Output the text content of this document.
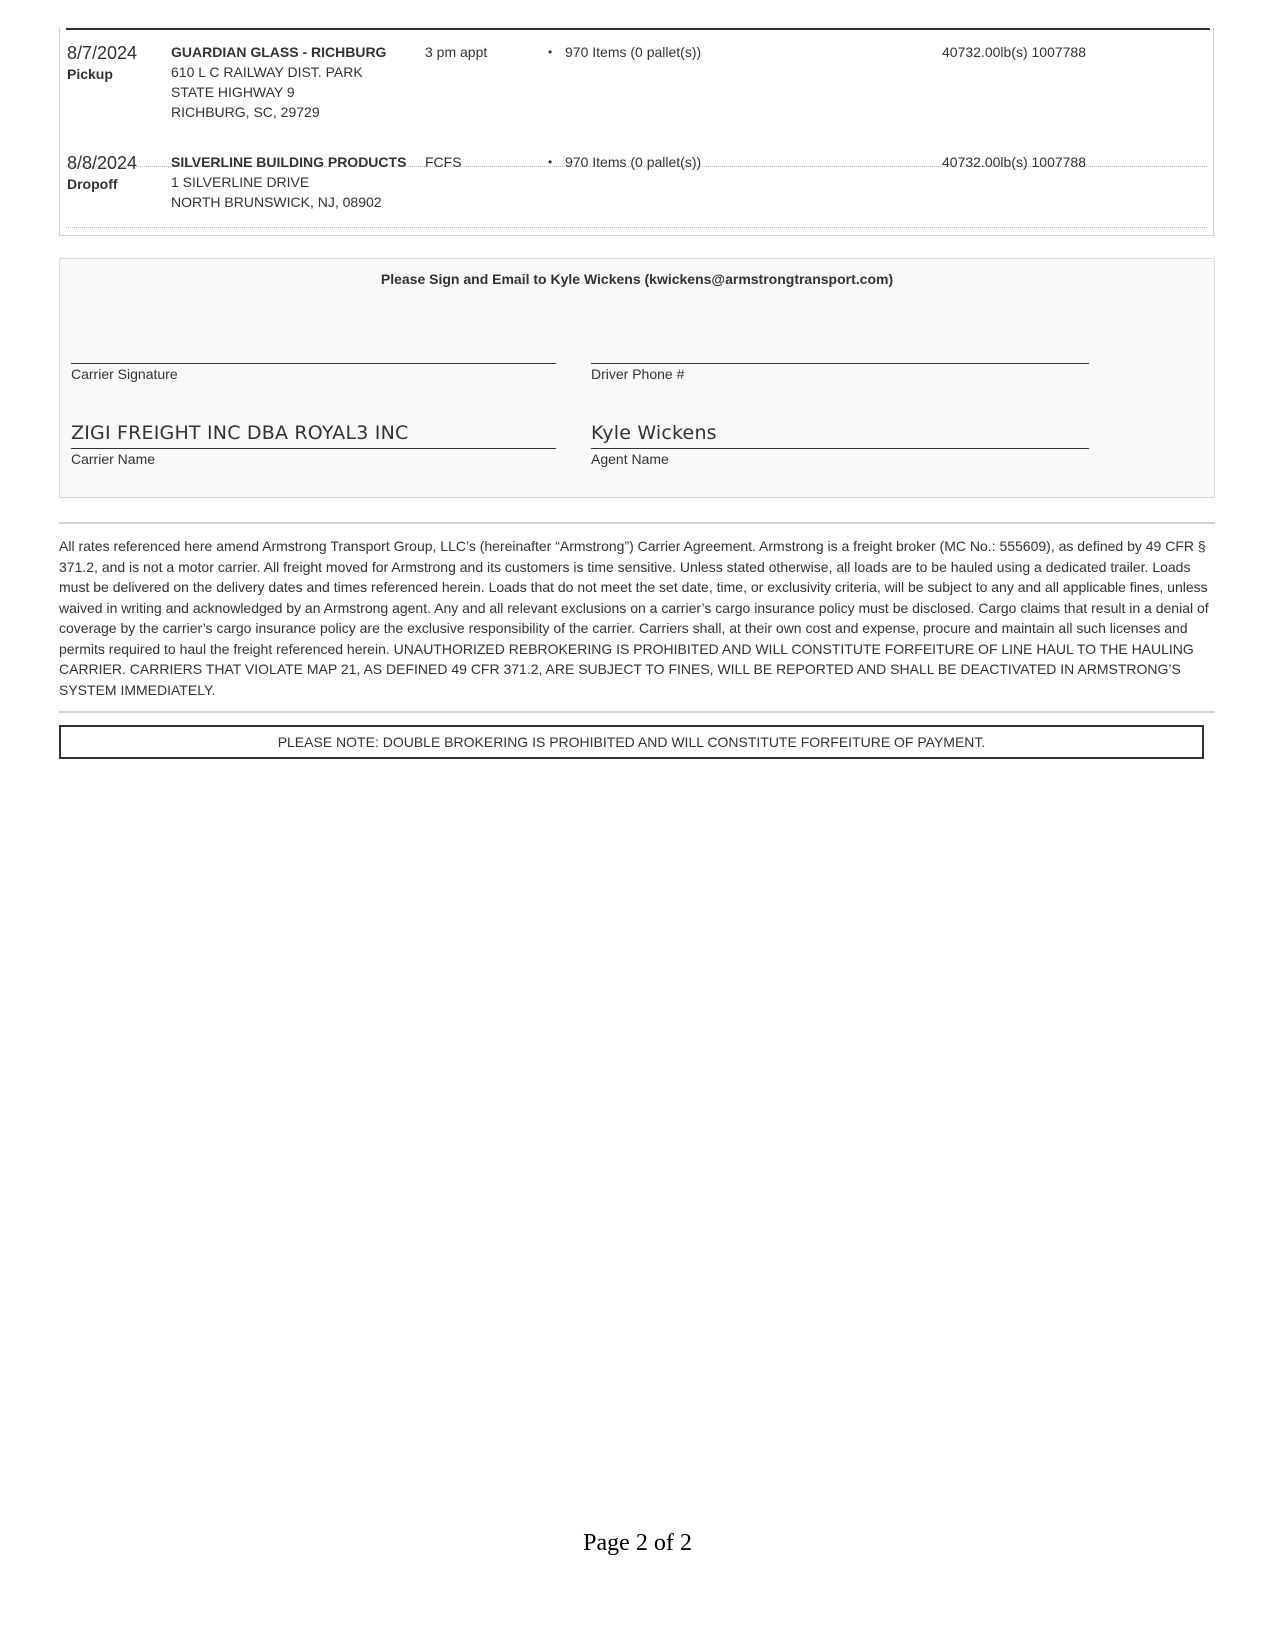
8/7/2024
Pickup
GUARDIAN GLASS - RICHBURG
610 L C RAILWAY DIST. PARK
STATE HIGHWAY 9
RICHBURG, SC, 29729
3 pm appt	• 970 Items (0 pallet(s))	40732.00lb(s) 1007788
8/8/2024
Dropoff
SILVERLINE BUILDING PRODUCTS
1 SILVERLINE DRIVE
NORTH BRUNSWICK, NJ, 08902
FCFS	• 970 Items (0 pallet(s))	40732.00lb(s) 1007788
Please Sign and Email to Kyle Wickens (kwickens@armstrongtransport.com)
Carrier Signature	Driver Phone #
ZIGI FREIGHT INC DBA ROYAL3 INC
Carrier Name
Kyle Wickens
Agent Name

All rates referenced here amend Armstrong Transport Group, LLC’s (hereinafter “Armstrong”) Carrier Agreement. Armstrong is a freight broker (MC No.: 555609), as defined by 49 CFR § 371.2, and is not a motor carrier. All freight moved for Armstrong and its customers is time sensitive. Unless stated otherwise, all loads are to be hauled using a dedicated trailer. Loads must be delivered on the delivery dates and times referenced herein. Loads that do not meet the set date, time, or exclusivity criteria, will be subject to any and all applicable fines, unless waived in writing and acknowledged by an Armstrong agent. Any and all relevant exclusions on a carrier’s cargo insurance policy must be disclosed. Cargo claims that result in a denial of coverage by the carrier’s cargo insurance policy are the exclusive responsibility of the carrier. Carriers shall, at their own cost and expense, procure and maintain all such licenses and permits required to haul the freight referenced herein. UNAUTHORIZED REBROKERING IS PROHIBITED AND WILL CONSTITUTE FORFEITURE OF LINE HAUL TO THE HAULING CARRIER. CARRIERS THAT VIOLATE MAP 21, AS DEFINED 49 CFR 371.2, ARE SUBJECT TO FINES, WILL BE REPORTED AND SHALL BE DEACTIVATED IN ARMSTRONG’S SYSTEM IMMEDIATELY.

PLEASE NOTE: DOUBLE BROKERING IS PROHIBITED AND WILL CONSTITUTE FORFEITURE OF PAYMENT.
Page 2 of 2
